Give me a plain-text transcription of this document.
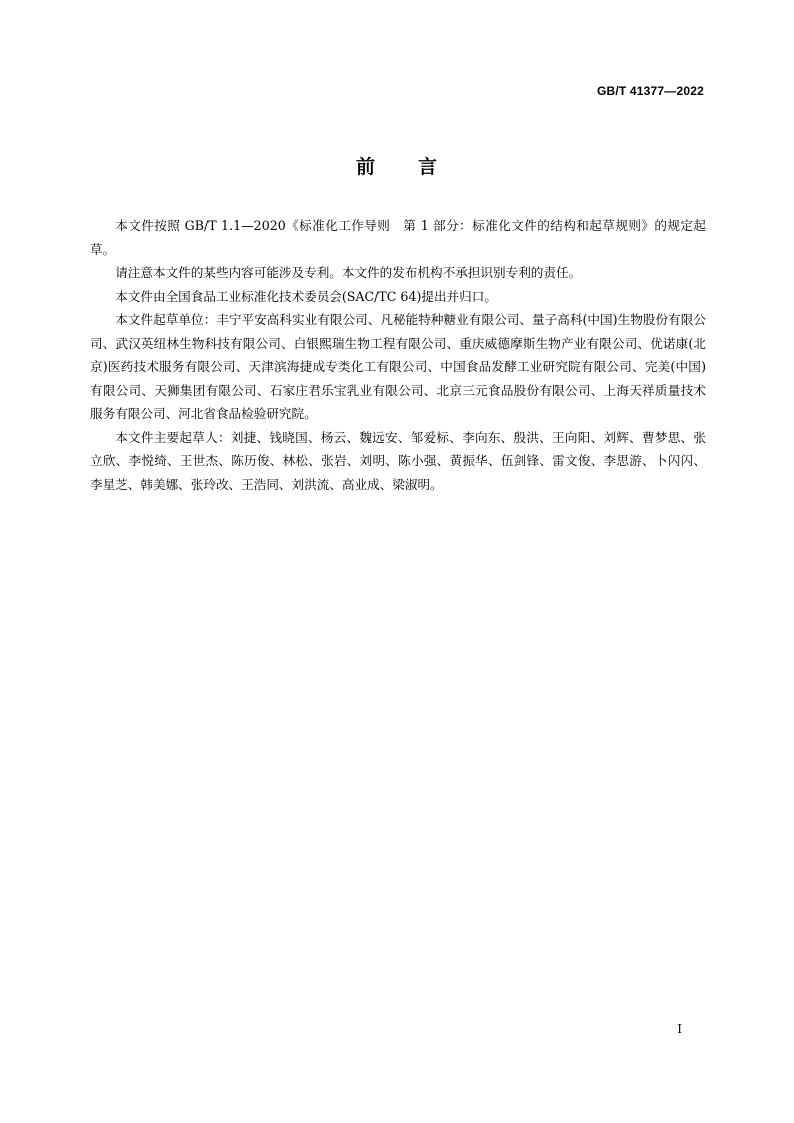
GB/T 41377—2022
前 言

本文件按照 GB/T 1.1—2020《标准化工作导则　第 1 部分：标准化文件的结构和起草规则》的规定起草。

请注意本文件的某些内容可能涉及专利。本文件的发布机构不承担识别专利的责任。

本文件由全国食品工业标准化技术委员会(SAC/TC 64)提出并归口。

本文件起草单位：丰宁平安高科实业有限公司、凡秘能特种糖业有限公司、量子高科(中国)生物股份有限公司、武汉英纽林生物科技有限公司、白银熙瑞生物工程有限公司、重庆威德摩斯生物产业有限公司、优诺康(北京)医药技术服务有限公司、天津滨海捷成专类化工有限公司、中国食品发酵工业研究院有限公司、完美(中国)有限公司、天狮集团有限公司、石家庄君乐宝乳业有限公司、北京三元食品股份有限公司、上海天祥质量技术服务有限公司、河北省食品检验研究院。

本文件主要起草人：刘捷、钱晓国、杨云、魏远安、邹爱标、李向东、殷洪、王向阳、刘辉、曹梦思、张立欣、李悦绮、王世杰、陈历俊、林松、张岩、刘明、陈小强、黄振华、伍剑锋、雷文俊、李思游、卜闪闪、李星芝、韩美娜、张玲改、王浩同、刘洪流、高业成、梁淑明。

I
